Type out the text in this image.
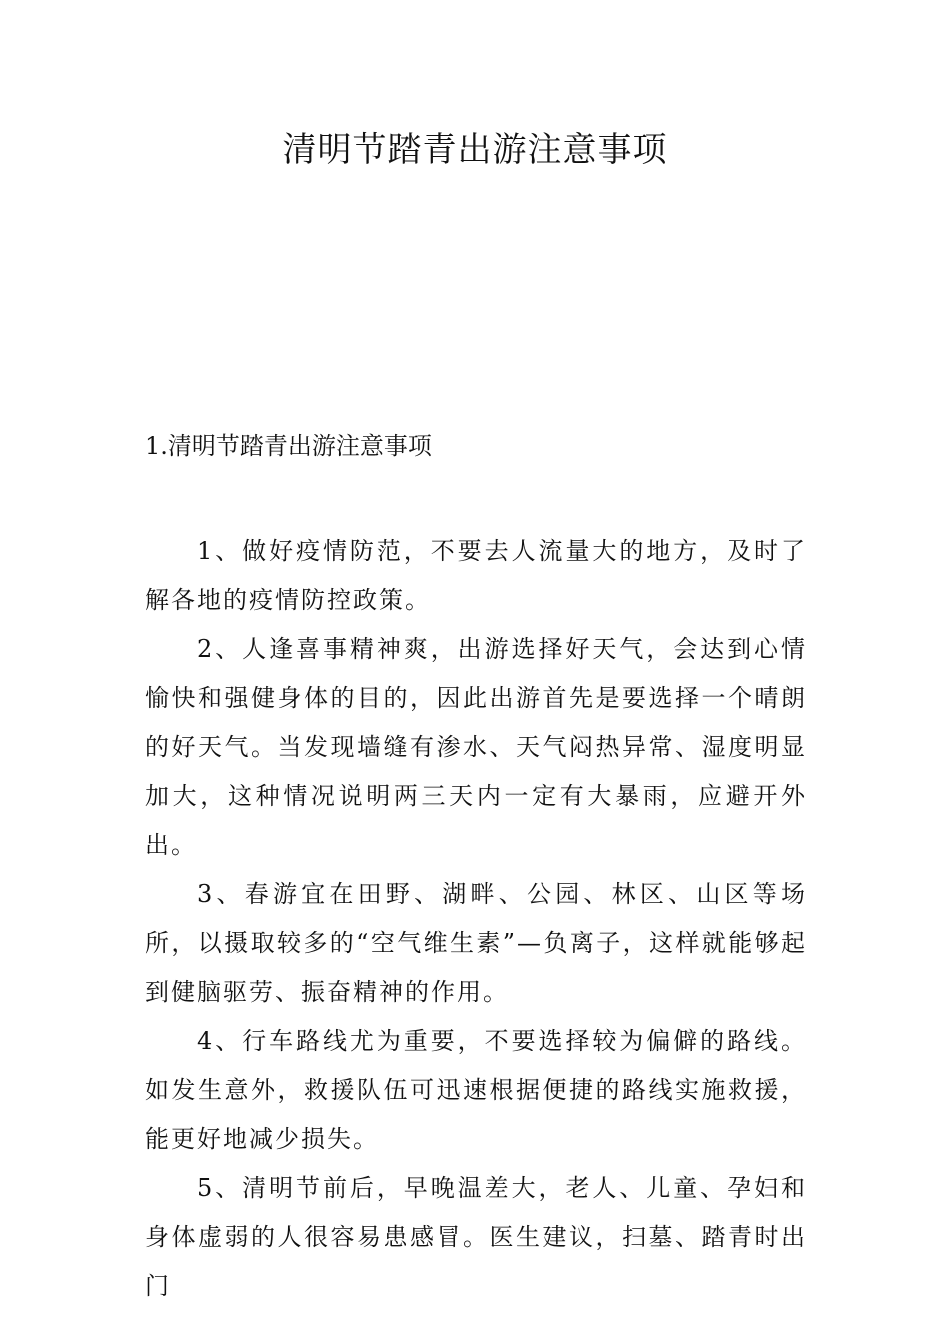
清明节踏青出游注意事项
1.清明节踏青出游注意事项

1、做好疫情防范，不要去人流量大的地方，及时了解各地的疫情防控政策。

2、人逢喜事精神爽，出游选择好天气，会达到心情愉快和强健身体的目的，因此出游首先是要选择一个晴朗的好天气。当发现墙缝有渗水、天气闷热异常、湿度明显加大，这种情况说明两三天内一定有大暴雨，应避开外出。

3、春游宜在田野、湖畔、公园、林区、山区等场所，以摄取较多的“空气维生素”—负离子，这样就能够起到健脑驱劳、振奋精神的作用。

4、行车路线尤为重要，不要选择较为偏僻的路线。如发生意外，救援队伍可迅速根据便捷的路线实施救援，能更好地减少损失。

5、清明节前后，早晚温差大，老人、儿童、孕妇和身体虚弱的人很容易患感冒。医生建议，扫墓、踏青时出门
